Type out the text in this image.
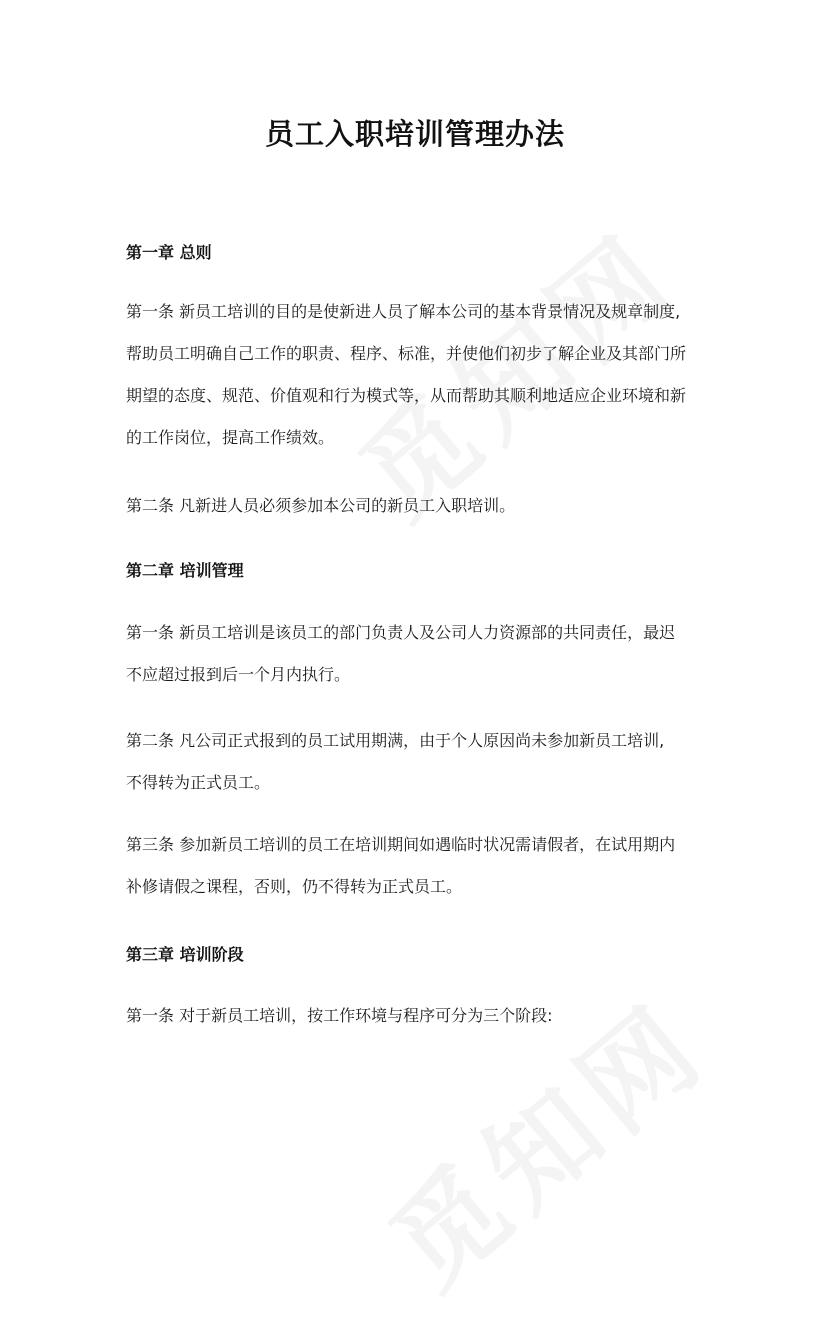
员工入职培训管理办法
第一章 总则

第一条 新员工培训的目的是使新进人员了解本公司的基本背景情况及规章制度,
帮助员工明确自己工作的职责、程序、标准，并使他们初步了解企业及其部门所
期望的态度、规范、价值观和行为模式等，从而帮助其顺利地适应企业环境和新
的工作岗位，提高工作绩效。

第二条 凡新进人员必须参加本公司的新员工入职培训。

第二章 培训管理

第一条 新员工培训是该员工的部门负责人及公司人力资源部的共同责任，最迟
不应超过报到后一个月内执行。

第二条 凡公司正式报到的员工试用期满，由于个人原因尚未参加新员工培训,
不得转为正式员工。

第三条 参加新员工培训的员工在培训期间如遇临时状况需请假者，在试用期内
补修请假之课程，否则，仍不得转为正式员工。

第三章 培训阶段

第一条 对于新员工培训，按工作环境与程序可分为三个阶段:
